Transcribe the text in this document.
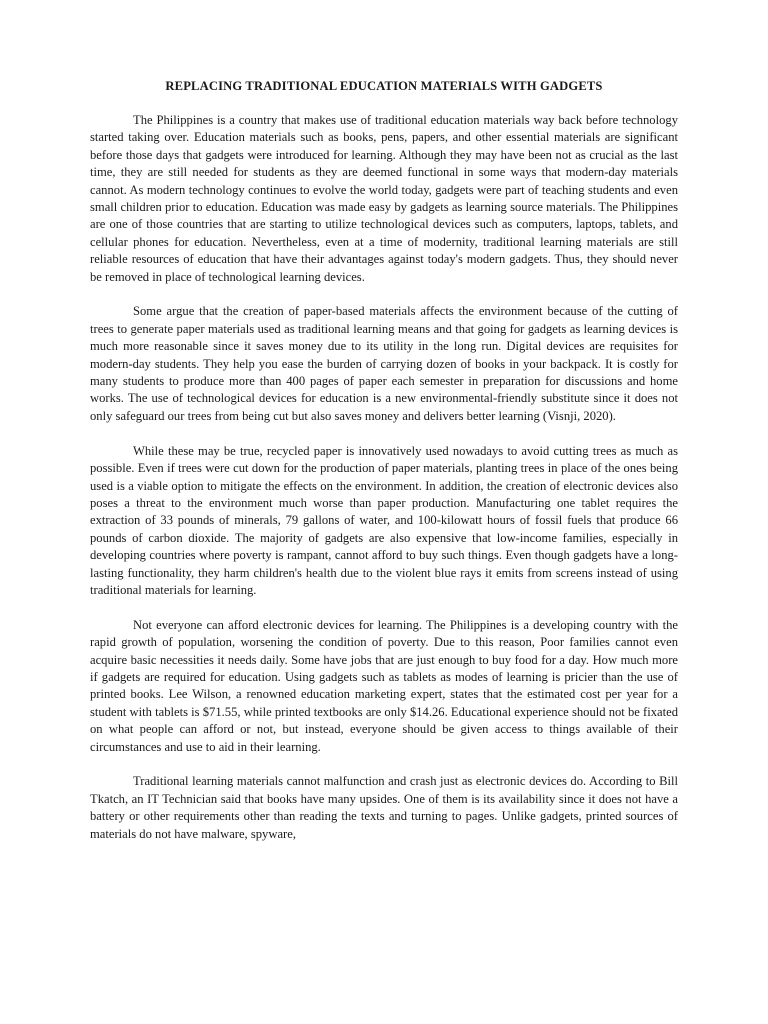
REPLACING TRADITIONAL EDUCATION MATERIALS WITH GADGETS

The Philippines is a country that makes use of traditional education materials way back before technology started taking over. Education materials such as books, pens, papers, and other essential materials are significant before those days that gadgets were introduced for learning. Although they may have been not as crucial as the last time, they are still needed for students as they are deemed functional in some ways that modern-day materials cannot. As modern technology continues to evolve the world today, gadgets were part of teaching students and even small children prior to education. Education was made easy by gadgets as learning source materials. The Philippines are one of those countries that are starting to utilize technological devices such as computers, laptops, tablets, and cellular phones for education. Nevertheless, even at a time of modernity, traditional learning materials are still reliable resources of education that have their advantages against today's modern gadgets. Thus, they should never be removed in place of technological learning devices.

Some argue that the creation of paper-based materials affects the environment because of the cutting of trees to generate paper materials used as traditional learning means and that going for gadgets as learning devices is much more reasonable since it saves money due to its utility in the long run. Digital devices are requisites for modern-day students. They help you ease the burden of carrying dozen of books in your backpack. It is costly for many students to produce more than 400 pages of paper each semester in preparation for discussions and home works. The use of technological devices for education is a new environmental-friendly substitute since it does not only safeguard our trees from being cut but also saves money and delivers better learning (Visnji, 2020).

While these may be true, recycled paper is innovatively used nowadays to avoid cutting trees as much as possible. Even if trees were cut down for the production of paper materials, planting trees in place of the ones being used is a viable option to mitigate the effects on the environment. In addition, the creation of electronic devices also poses a threat to the environment much worse than paper production. Manufacturing one tablet requires the extraction of 33 pounds of minerals, 79 gallons of water, and 100-kilowatt hours of fossil fuels that produce 66 pounds of carbon dioxide. The majority of gadgets are also expensive that low-income families, especially in developing countries where poverty is rampant, cannot afford to buy such things. Even though gadgets have a long-lasting functionality, they harm children's health due to the violent blue rays it emits from screens instead of using traditional materials for learning.

Not everyone can afford electronic devices for learning. The Philippines is a developing country with the rapid growth of population, worsening the condition of poverty. Due to this reason, Poor families cannot even acquire basic necessities it needs daily. Some have jobs that are just enough to buy food for a day. How much more if gadgets are required for education. Using gadgets such as tablets as modes of learning is pricier than the use of printed books. Lee Wilson, a renowned education marketing expert, states that the estimated cost per year for a student with tablets is $71.55, while printed textbooks are only $14.26. Educational experience should not be fixated on what people can afford or not, but instead, everyone should be given access to things available of their circumstances and use to aid in their learning.

Traditional learning materials cannot malfunction and crash just as electronic devices do. According to Bill Tkatch, an IT Technician said that books have many upsides. One of them is its availability since it does not have a battery or other requirements other than reading the texts and turning to pages. Unlike gadgets, printed sources of materials do not have malware, spyware,
